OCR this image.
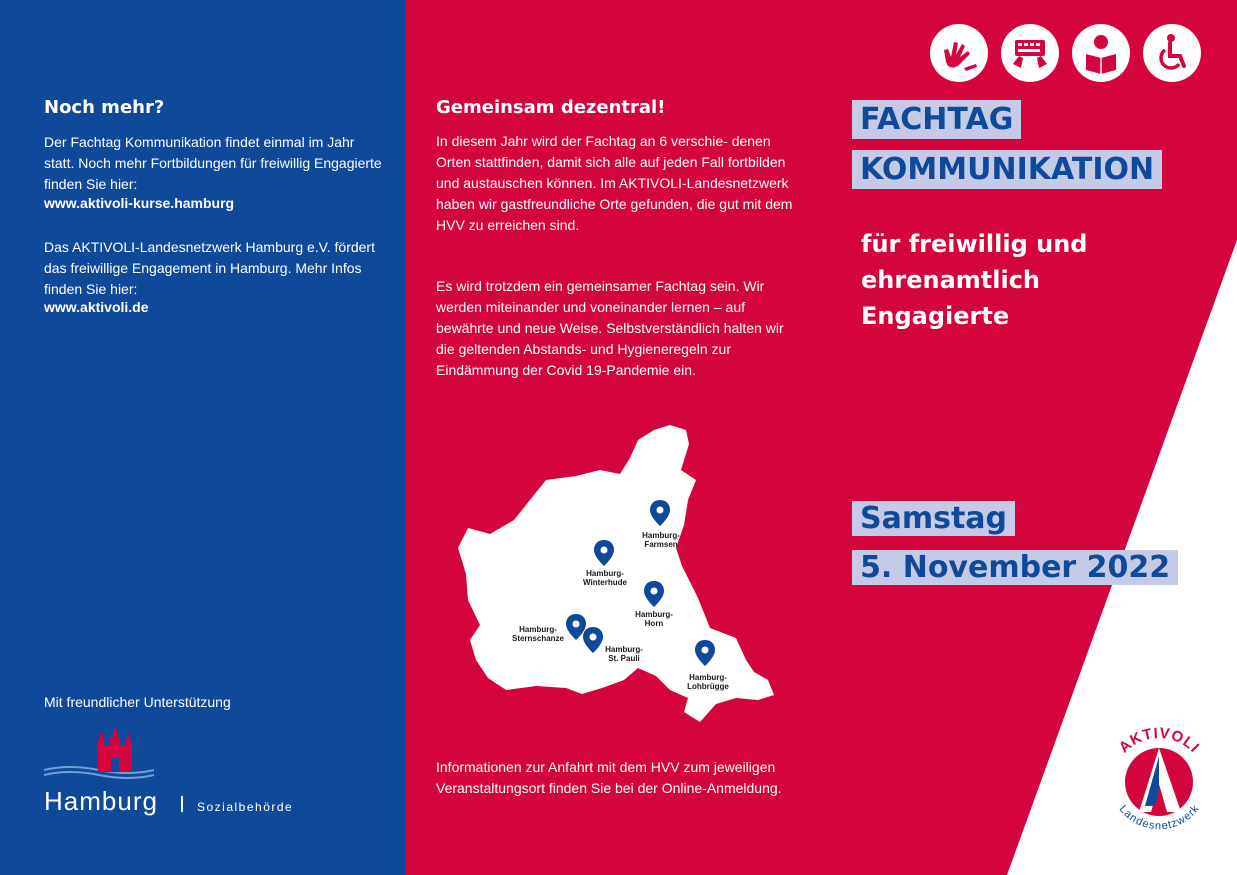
Noch mehr?

Der Fachtag Kommunikation findet einmal im Jahr statt. Noch mehr Fortbildungen für freiwillig Engagierte finden Sie hier:

www.aktivoli-kurse.hamburg

Das AKTIVOLI-Landesnetzwerk Hamburg e.V. fördert das freiwillige Engagement in Hamburg. Mehr Infos finden Sie hier:

www.aktivoli.de
Mit freundlicher Unterstützung
Hamburg	Sozialbehörde
Gemeinsam dezentral!

In diesem Jahr wird der Fachtag an 6 verschie- denen Orten stattfinden, damit sich alle auf jeden Fall fortbilden und austauschen können. Im AKTIVOLI-Landesnetzwerk haben wir gastfreundliche Orte gefunden, die gut mit dem HVV zu erreichen sind.

Es wird trotzdem ein gemeinsamer Fachtag sein. Wir werden miteinander und voneinander lernen – auf bewährte und neue Weise. Selbstverständlich halten wir die geltenden Abstands- und Hygieneregeln zur Eindämmung der Covid 19-Pandemie ein.

Hamburg-Farmsen
Hamburg-Winterhude
Hamburg-Horn
Hamburg-Sternschanze
Hamburg-St. Pauli
Hamburg-Lohbrügge

Informationen zur Anfahrt mit dem HVV zum jeweiligen Veranstaltungsort finden Sie bei der Online-Anmeldung.

FACHTAG
KOMMUNIKATION
für freiwillig und ehrenamtlich Engagierte
Samstag
5. November 2022
AKTIVOLI
Landesnetzwerk
